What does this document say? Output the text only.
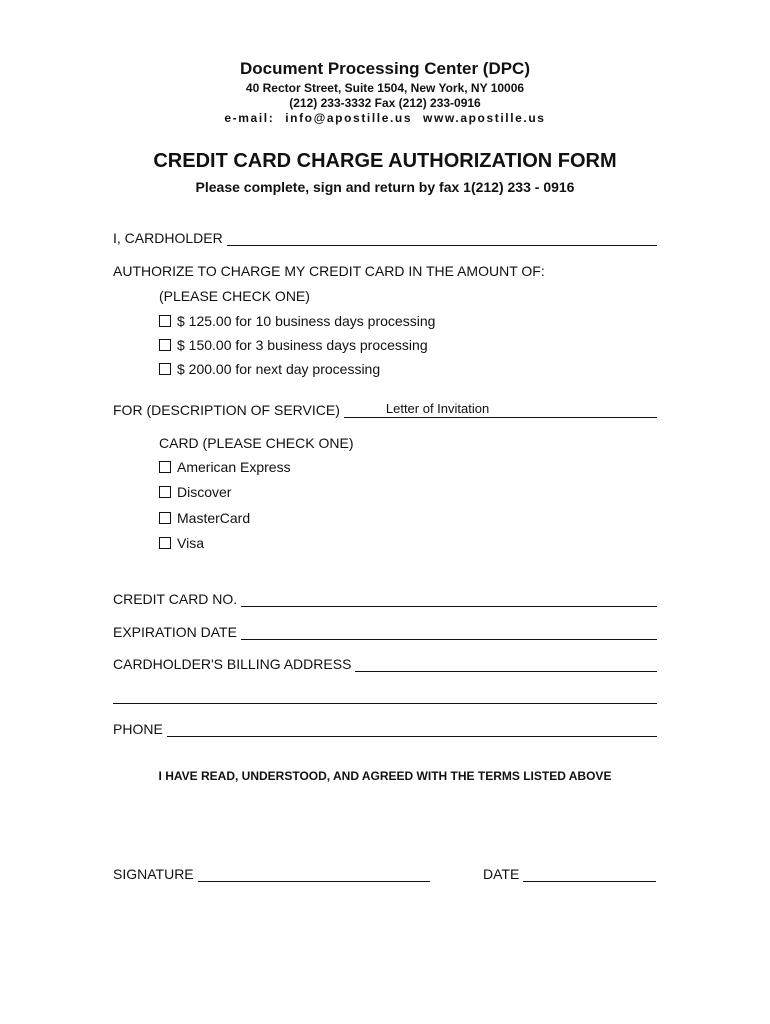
Document Processing Center (DPC)
40 Rector Street, Suite 1504, New York, NY 10006
(212) 233-3332 Fax (212) 233-0916
e-mail: info@apostille.us www.apostille.us
CREDIT CARD CHARGE AUTHORIZATION FORM
Please complete, sign and return by fax 1(212) 233 - 0916
I, CARDHOLDER
AUTHORIZE TO CHARGE MY CREDIT CARD IN THE AMOUNT OF:
(PLEASE CHECK ONE)
$ 125.00 for 10 business days processing
$ 150.00 for 3 business days processing
$ 200.00 for next day processing
FOR (DESCRIPTION OF SERVICE)	Letter of Invitation
CARD (PLEASE CHECK ONE)
American Express
Discover
MasterCard
Visa
CREDIT CARD NO.
EXPIRATION DATE
CARDHOLDER'S BILLING ADDRESS
PHONE
I HAVE READ, UNDERSTOOD, AND AGREED WITH THE TERMS LISTED ABOVE
SIGNATURE	DATE
